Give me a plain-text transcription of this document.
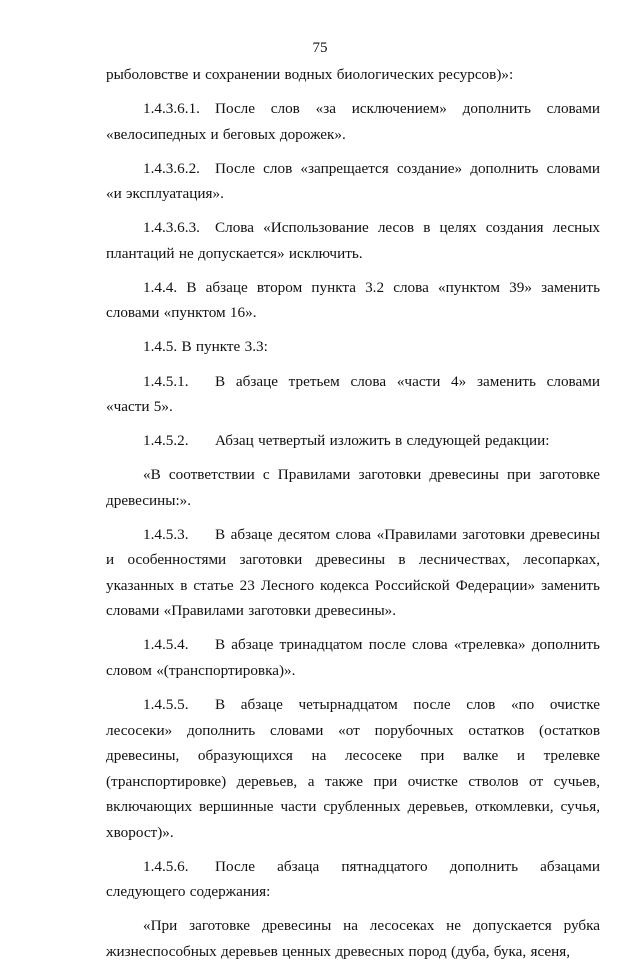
75

рыболовстве и сохранении водных биологических ресурсов)»:

1.4.3.6.1. После слов «за исключением» дополнить словами «велосипедных и беговых дорожек».

1.4.3.6.2. После слов «запрещается создание» дополнить словами «и эксплуатация».

1.4.3.6.3. Слова «Использование лесов в целях создания лесных плантаций не допускается» исключить.

1.4.4. В абзаце втором пункта 3.2 слова «пунктом 39» заменить словами «пунктом 16».

1.4.5. В пункте 3.3:

1.4.5.1. В абзаце третьем слова «части 4» заменить словами «части 5».

1.4.5.2. Абзац четвертый изложить в следующей редакции:

«В соответствии с Правилами заготовки древесины при заготовке древесины:».

1.4.5.3. В абзаце десятом слова «Правилами заготовки древесины и особенностями заготовки древесины в лесничествах, лесопарках, указанных в статье 23 Лесного кодекса Российской Федерации» заменить словами «Правилами заготовки древесины».

1.4.5.4. В абзаце тринадцатом после слова «трелевка» дополнить словом «(транспортировка)».

1.4.5.5. В абзаце четырнадцатом после слов «по очистке лесосеки» дополнить словами «от порубочных остатков (остатков древесины, образующихся на лесосеке при валке и трелевке (транспортировке) деревьев, а также при очистке стволов от сучьев, включающих вершинные части срубленных деревьев, откомлевки, сучья, хворост)».

1.4.5.6. После абзаца пятнадцатого дополнить абзацами следующего содержания:

«При заготовке древесины на лесосеках не допускается рубка жизнеспособных деревьев ценных древесных пород (дуба, бука, ясеня,
